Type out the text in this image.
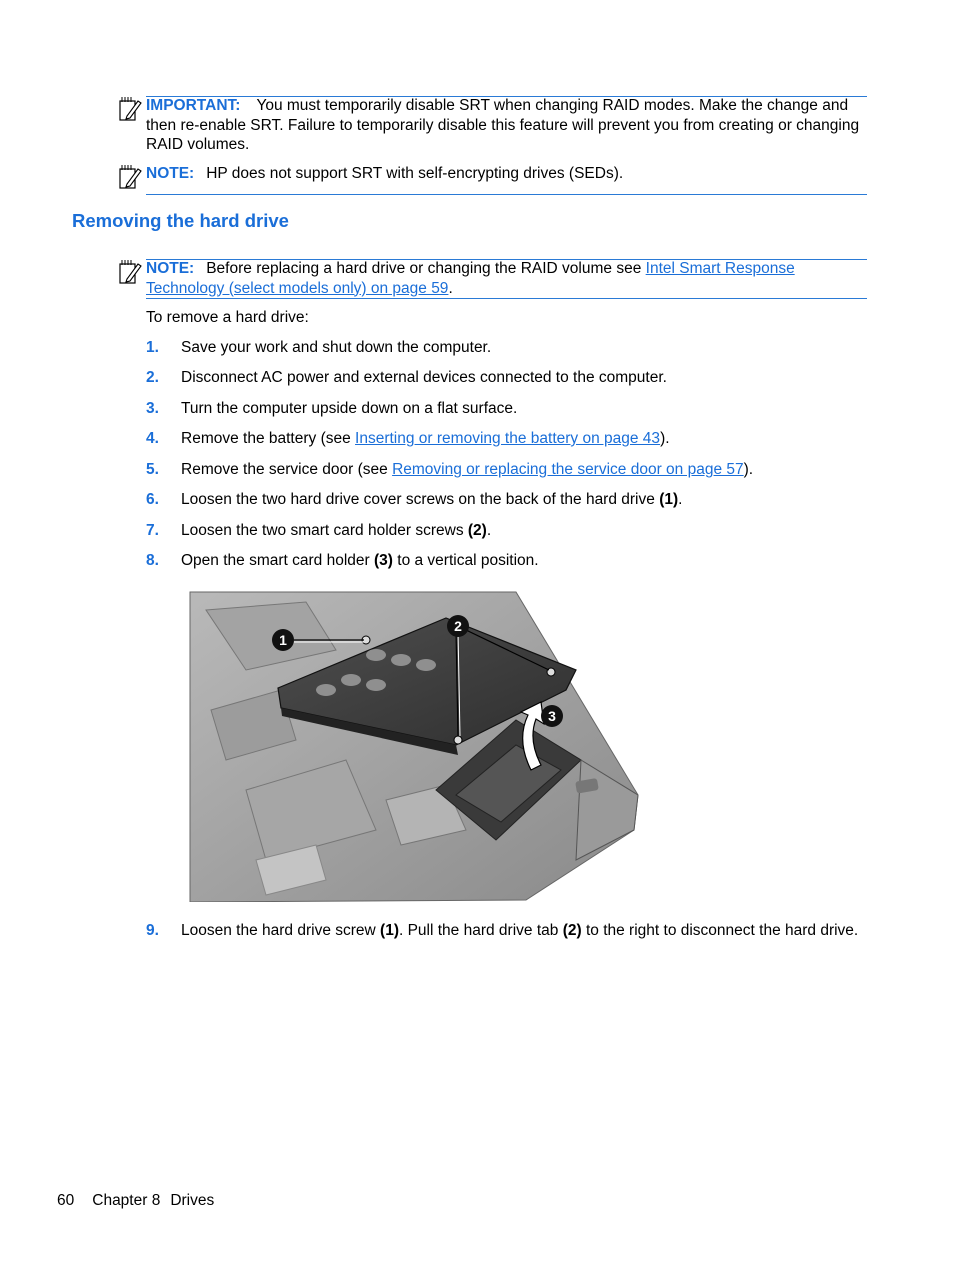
IMPORTANT: You must temporarily disable SRT when changing RAID modes. Make the change and then re-enable SRT. Failure to temporarily disable this feature will prevent you from creating or changing RAID volumes.
NOTE: HP does not support SRT with self-encrypting drives (SEDs).
Removing the hard drive
NOTE: Before replacing a hard drive or changing the RAID volume see Intel Smart Response Technology (select models only) on page 59.
To remove a hard drive:
1. Save your work and shut down the computer.
2. Disconnect AC power and external devices connected to the computer.
3. Turn the computer upside down on a flat surface.
4. Remove the battery (see Inserting or removing the battery on page 43).
5. Remove the service door (see Removing or replacing the service door on page 57).
6. Loosen the two hard drive cover screws on the back of the hard drive (1).
7. Loosen the two smart card holder screws (2).
8. Open the smart card holder (3) to a vertical position.
9. Loosen the hard drive screw (1). Pull the hard drive tab (2) to the right to disconnect the hard drive.
1
2
3
60 Chapter 8 Drives
